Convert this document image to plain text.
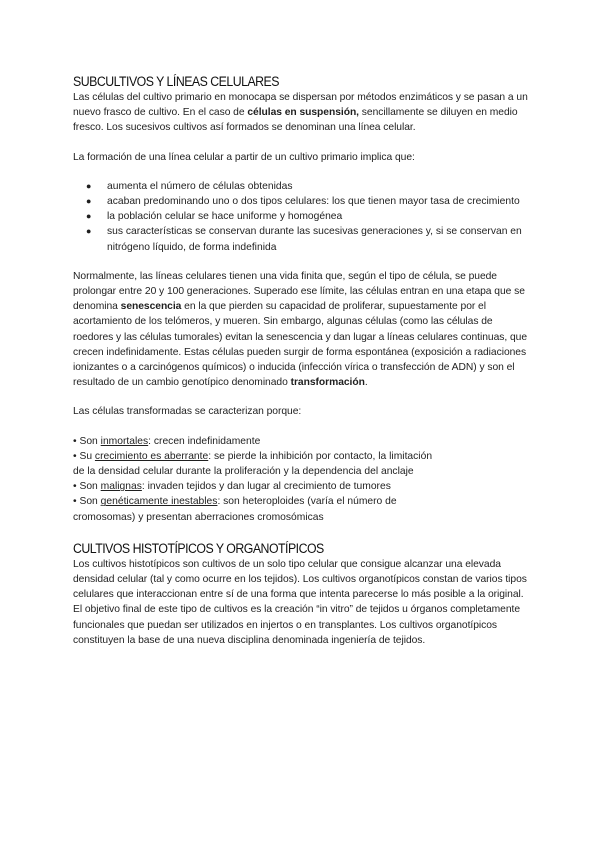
SUBCULTIVOS Y LÍNEAS CELULARES

Las células del cultivo primario en monocapa se dispersan por métodos enzimáticos y se pasan a un nuevo frasco de cultivo. En el caso de células en suspensión, sencillamente se diluyen en medio fresco. Los sucesivos cultivos así formados se denominan una línea celular.

La formación de una línea celular a partir de un cultivo primario implica que:

● aumenta el número de células obtenidas
● acaban predominando uno o dos tipos celulares: los que tienen mayor tasa de crecimiento
● la población celular se hace uniforme y homogénea
● sus características se conservan durante las sucesivas generaciones y, si se conservan en nitrógeno líquido, de forma indefinida

Normalmente, las líneas celulares tienen una vida finita que, según el tipo de célula, se puede prolongar entre 20 y 100 generaciones. Superado ese límite, las células entran en una etapa que se denomina senescencia en la que pierden su capacidad de proliferar, supuestamente por el acortamiento de los telómeros, y mueren. Sin embargo, algunas células (como las células de roedores y las células tumorales) evitan la senescencia y dan lugar a líneas celulares continuas, que crecen indefinidamente. Estas células pueden surgir de forma espontánea (exposición a radiaciones ionizantes o a carcinógenos químicos) o inducida (infección vírica o transfección de ADN) y son el resultado de un cambio genotípico denominado transformación.

Las células transformadas se caracterizan porque:

• Son inmortales: crecen indefinidamente

• Su crecimiento es aberrante: se pierde la inhibición por contacto, la limitación

de la densidad celular durante la proliferación y la dependencia del anclaje

• Son malignas: invaden tejidos y dan lugar al crecimiento de tumores

• Son genéticamente inestables: son heteroploides (varía el número de

cromosomas) y presentan aberraciones cromosómicas

CULTIVOS HISTOTÍPICOS Y ORGANOTÍPICOS

Los cultivos histotípicos son cultivos de un solo tipo celular que consigue alcanzar una elevada densidad celular (tal y como ocurre en los tejidos). Los cultivos organotípicos constan de varios tipos celulares que interaccionan entre sí de una forma que intenta parecerse lo más posible a la original. El objetivo final de este tipo de cultivos es la creación “in vitro” de tejidos u órganos completamente funcionales que puedan ser utilizados en injertos o en transplantes. Los cultivos organotípicos constituyen la base de una nueva disciplina denominada ingeniería de tejidos.
